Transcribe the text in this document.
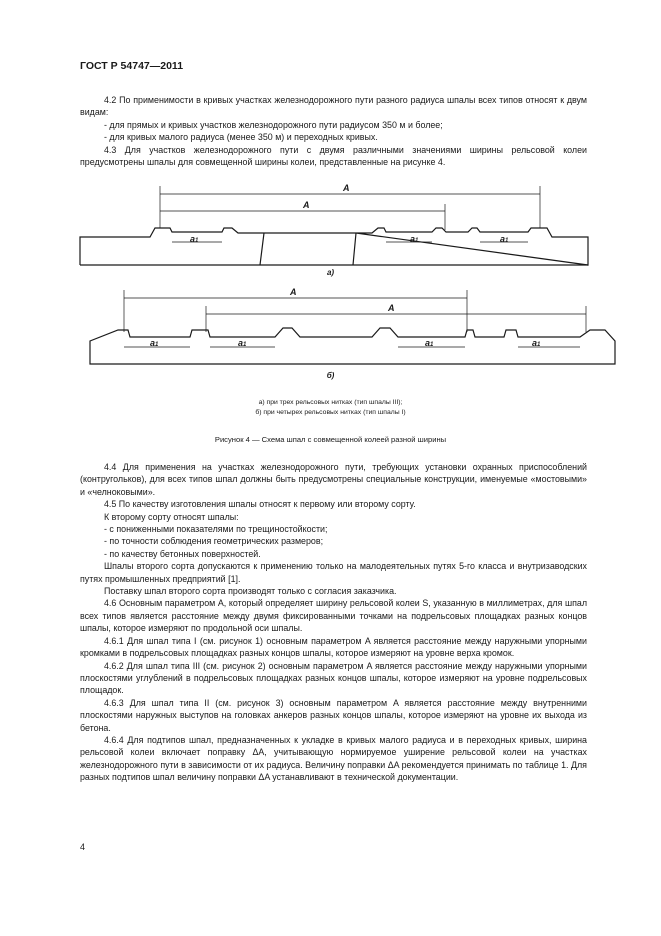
ГОСТ Р 54747—2011

4.2 По применимости в кривых участках железнодорожного пути разного радиуса шпалы всех типов относят к двум видам:

- для прямых и кривых участков железнодорожного пути радиусом 350 м и более;

- для кривых малого радиуса (менее 350 м) и переходных кривых.

4.3 Для участков железнодорожного пути с двумя различными значениями ширины рельсовой колеи предусмотрены шпалы для совмещенной ширины колеи, представленные на рисунке 4.

A
A
a1	a1	a1
A
A
a1	a1	a1	a1
а)
б)
а) при трех рельсовых нитках (тип шпалы III);
б) при четырех рельсовых нитках (тип шпалы I)
Рисунок 4 — Схема шпал с совмещенной колеей разной ширины

4.4 Для применения на участках железнодорожного пути, требующих установки охранных приспособлений (контругольков), для всех типов шпал должны быть предусмотрены специальные конструкции, именуемые «мостовыми» и «челноковыми».

4.5 По качеству изготовления шпалы относят к первому или второму сорту.

К второму сорту относят шпалы:

- с пониженными показателями по трещиностойкости;

- по точности соблюдения геометрических размеров;

- по качеству бетонных поверхностей.

Шпалы второго сорта допускаются к применению только на малодеятельных путях 5-го класса и внутризаводских путях промышленных предприятий [1].

Поставку шпал второго сорта производят только с согласия заказчика.

4.6 Основным параметром A, который определяет ширину рельсовой колеи S, указанную в миллиметрах, для шпал всех типов является расстояние между двумя фиксированными точками на подрельсовых площадках разных концов шпалы, которое измеряют по продольной оси шпалы.

4.6.1 Для шпал типа I (см. рисунок 1) основным параметром A является расстояние между наружными упорными кромками в подрельсовых площадках разных концов шпалы, которое измеряют на уровне верха кромок.

4.6.2 Для шпал типа III (см. рисунок 2) основным параметром A является расстояние между наружными упорными плоскостями углублений в подрельсовых площадках разных концов шпалы, которое измеряют на уровне подрельсовых площадок.

4.6.3 Для шпал типа II (см. рисунок 3) основным параметром A является расстояние между внутренними плоскостями наружных выступов на головках анкеров разных концов шпалы, которое измеряют на уровне их выхода из бетона.

4.6.4 Для подтипов шпал, предназначенных к укладке в кривых малого радиуса и в переходных кривых, ширина рельсовой колеи включает поправку ΔA, учитывающую нормируемое уширение рельсовой колеи на участках железнодорожного пути в зависимости от их радиуса. Величину поправки ΔA рекомендуется принимать по таблице 1. Для разных подтипов шпал величину поправки ΔA устанавливают в технической документации.

4
